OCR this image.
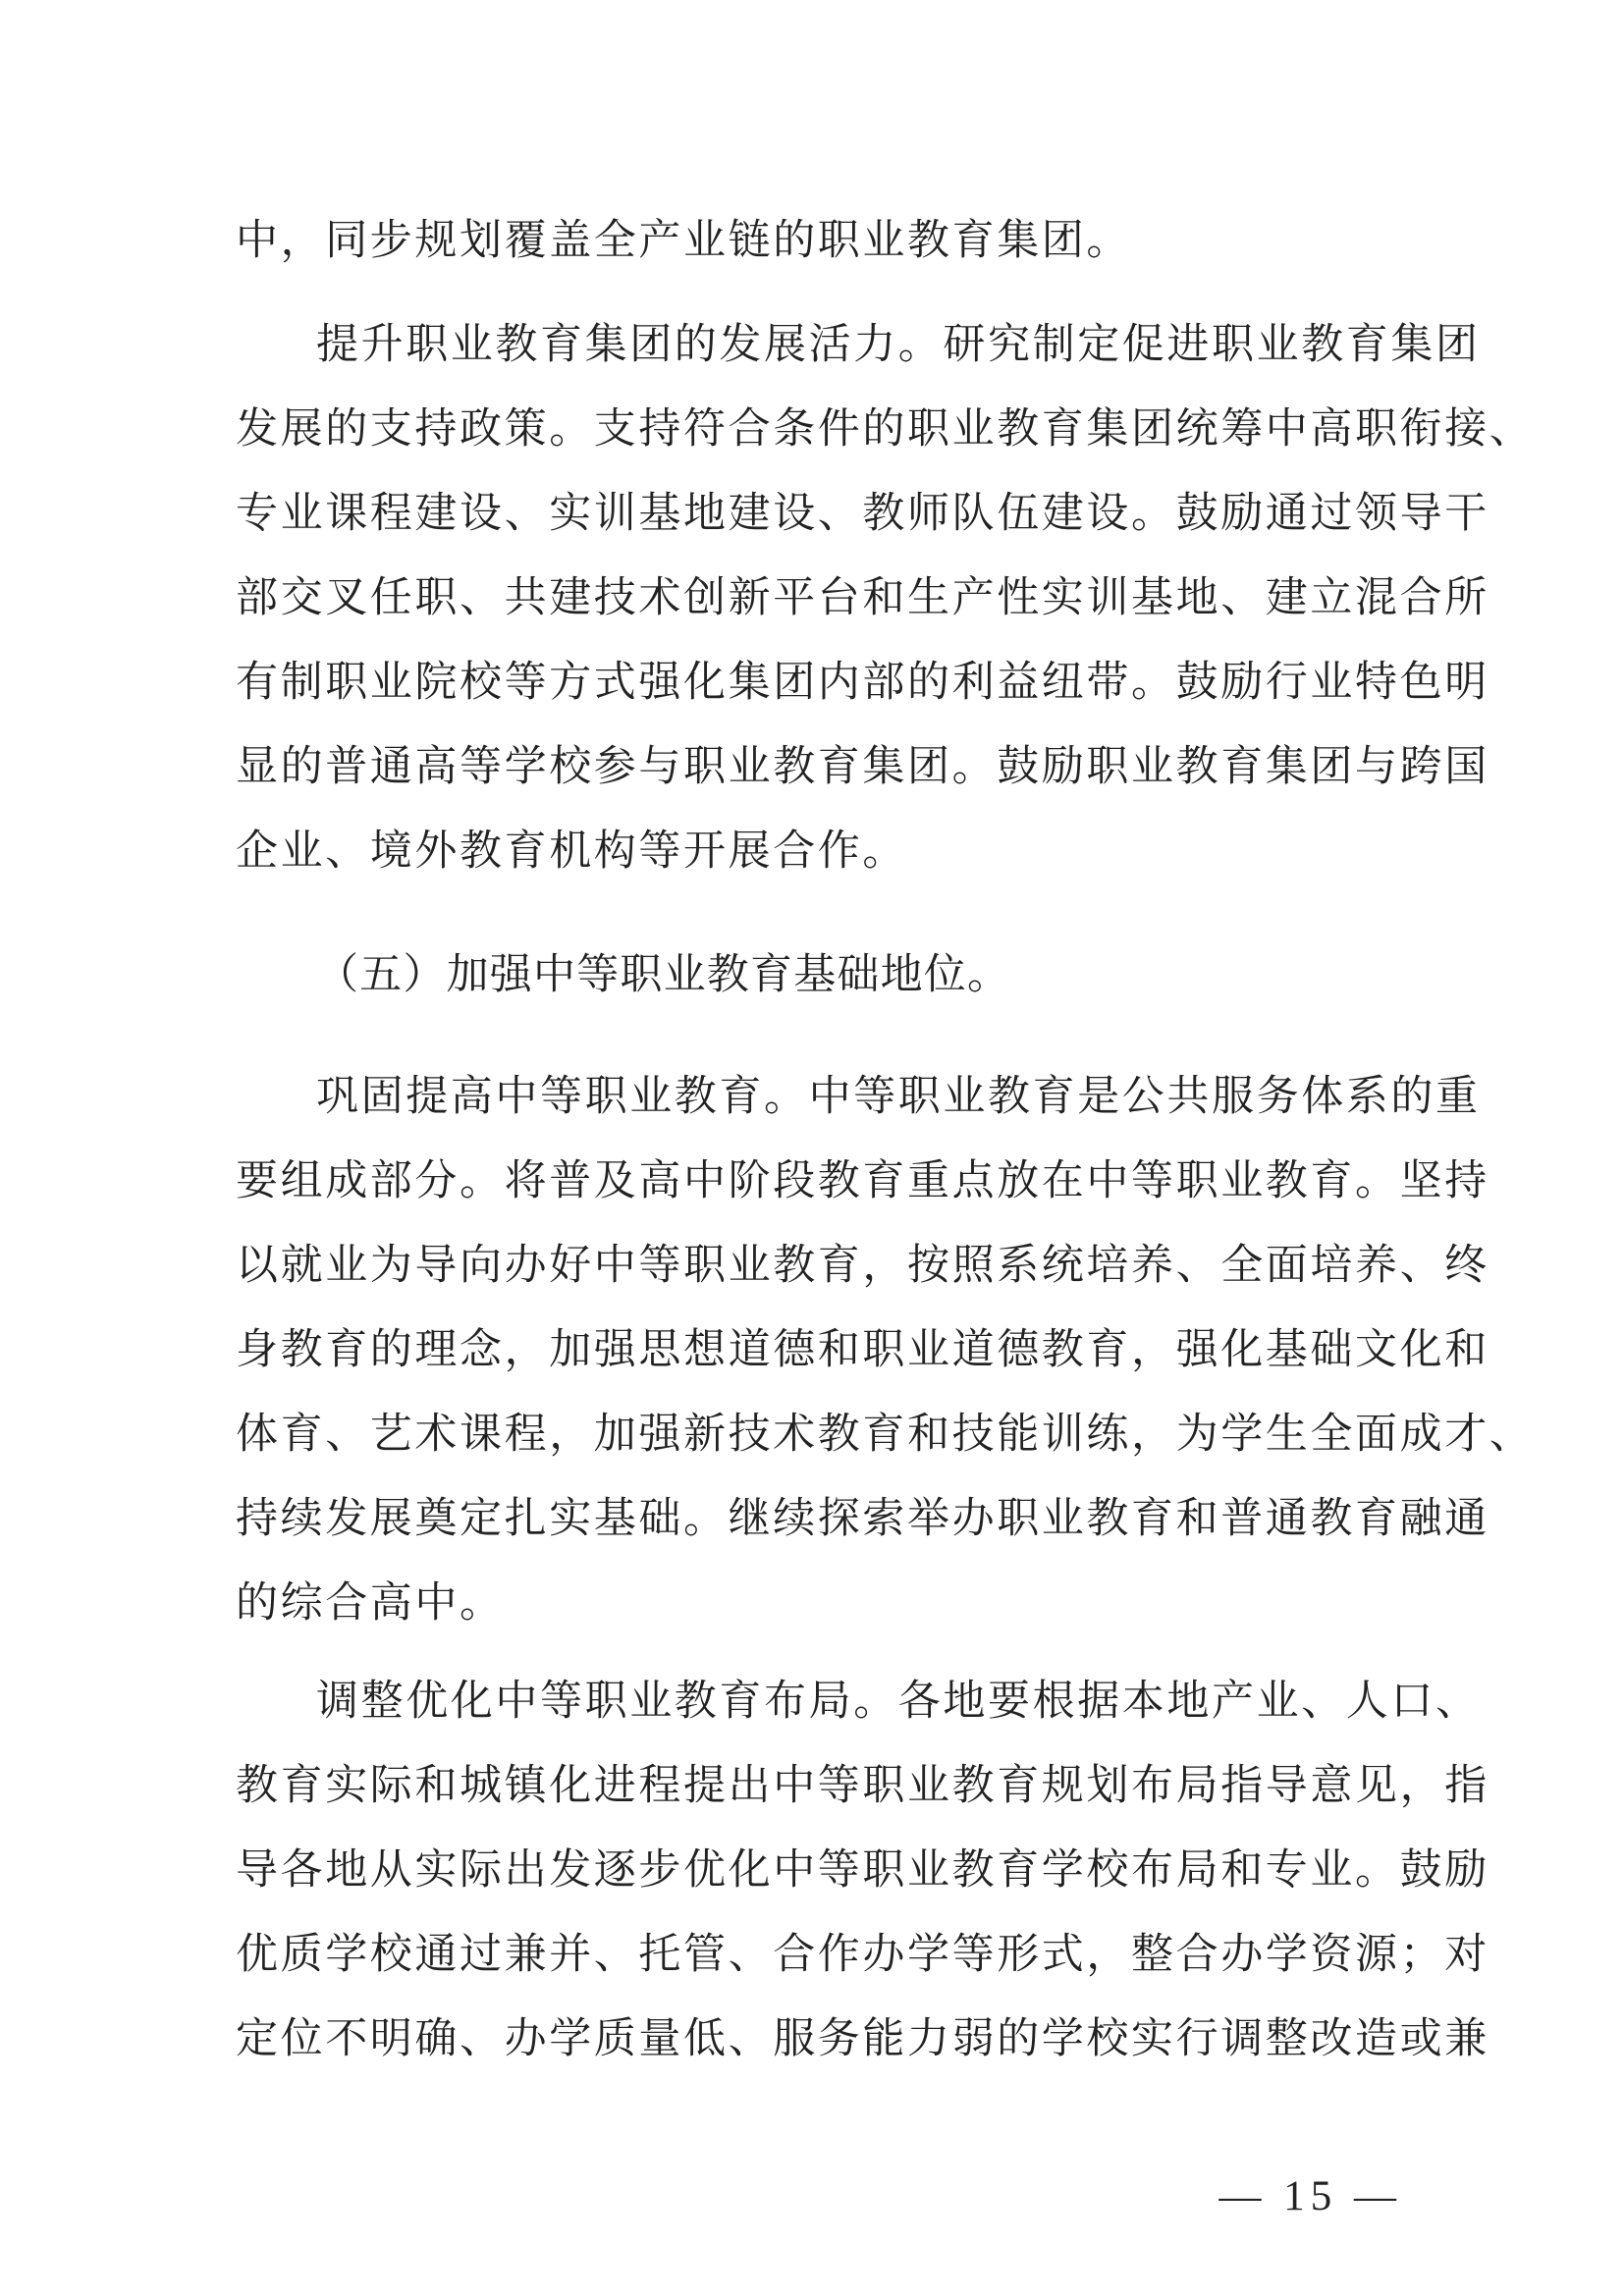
中，同步规划覆盖全产业链的职业教育集团。
提升职业教育集团的发展活力。研究制定促进职业教育集团
发展的支持政策。支持符合条件的职业教育集团统筹中高职衔接、
专业课程建设、实训基地建设、教师队伍建设。鼓励通过领导干
部交叉任职、共建技术创新平台和生产性实训基地、建立混合所
有制职业院校等方式强化集团内部的利益纽带。鼓励行业特色明
显的普通高等学校参与职业教育集团。鼓励职业教育集团与跨国
企业、境外教育机构等开展合作。
（五）加强中等职业教育基础地位。
巩固提高中等职业教育。中等职业教育是公共服务体系的重
要组成部分。将普及高中阶段教育重点放在中等职业教育。坚持
以就业为导向办好中等职业教育，按照系统培养、全面培养、终
身教育的理念，加强思想道德和职业道德教育，强化基础文化和
体育、艺术课程，加强新技术教育和技能训练，为学生全面成才、
持续发展奠定扎实基础。继续探索举办职业教育和普通教育融通
的综合高中。
调整优化中等职业教育布局。各地要根据本地产业、人口、
教育实际和城镇化进程提出中等职业教育规划布局指导意见，指
导各地从实际出发逐步优化中等职业教育学校布局和专业。鼓励
优质学校通过兼并、托管、合作办学等形式，整合办学资源；对
定位不明确、办学质量低、服务能力弱的学校实行调整改造或兼
— 15 —
